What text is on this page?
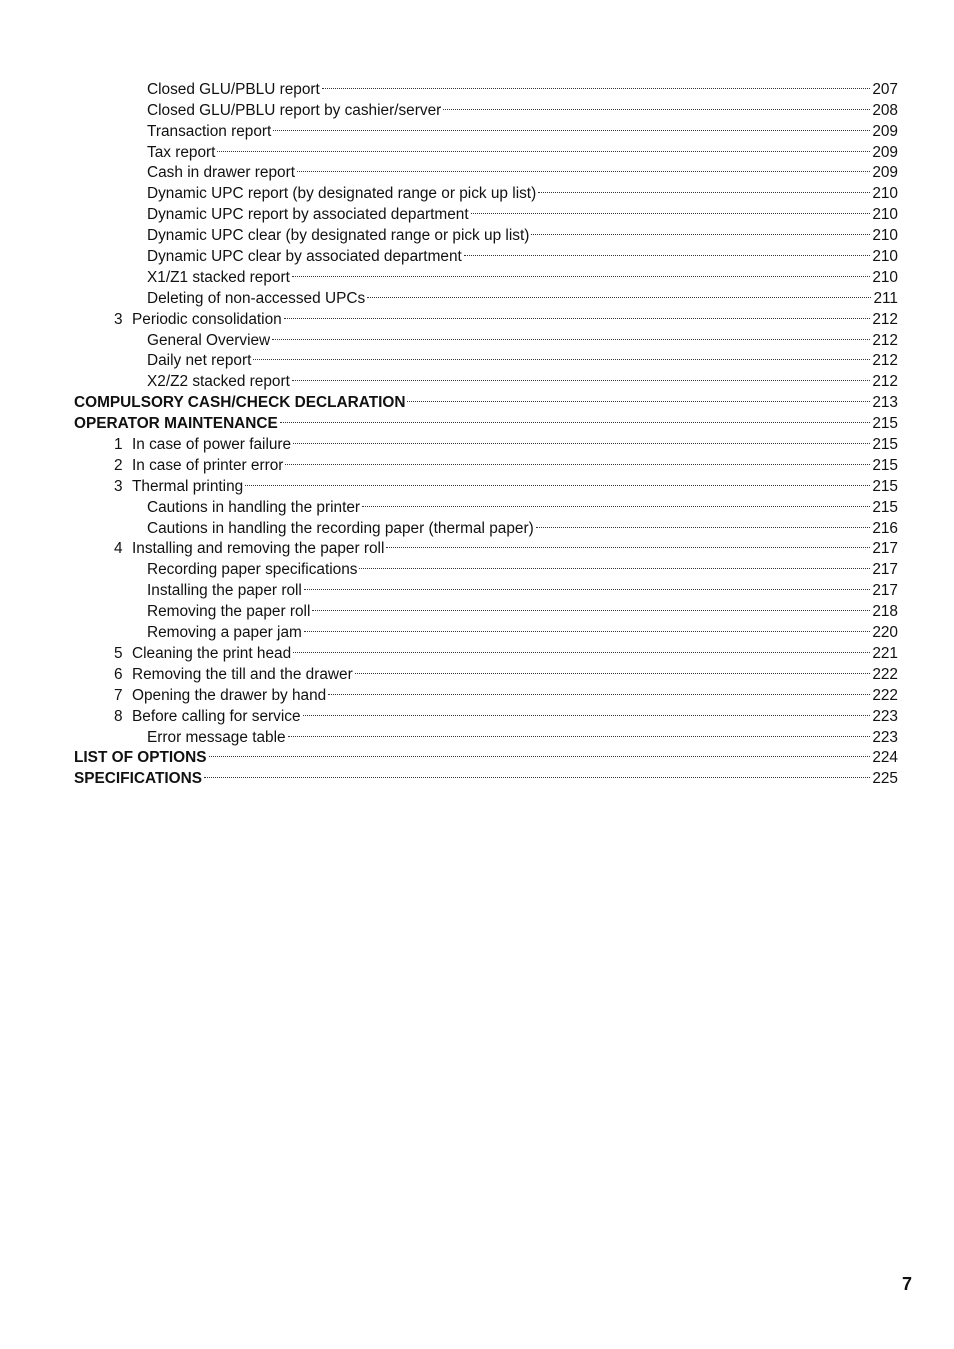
Closed GLU/PBLU report	207
Closed GLU/PBLU report by cashier/server	208
Transaction report	209
Tax report	209
Cash in drawer report	209
Dynamic UPC report (by designated range or pick up list)	210
Dynamic UPC report by associated department	210
Dynamic UPC clear (by designated range or pick up list)	210
Dynamic UPC clear by associated department	210
X1/Z1 stacked report	210
Deleting of non-accessed UPCs	211
3 Periodic consolidation	212
General Overview	212
Daily net report	212
X2/Z2 stacked report	212
COMPULSORY CASH/CHECK DECLARATION	213
OPERATOR MAINTENANCE	215
1 In case of power failure	215
2 In case of printer error	215
3 Thermal printing	215
Cautions in handling the printer	215
Cautions in handling the recording paper (thermal paper)	216
4 Installing and removing the paper roll	217
Recording paper specifications	217
Installing the paper roll	217
Removing the paper roll	218
Removing a paper jam	220
5 Cleaning the print head	221
6 Removing the till and the drawer	222
7 Opening the drawer by hand	222
8 Before calling for service	223
Error message table	223
LIST OF OPTIONS	224
SPECIFICATIONS	225
7
